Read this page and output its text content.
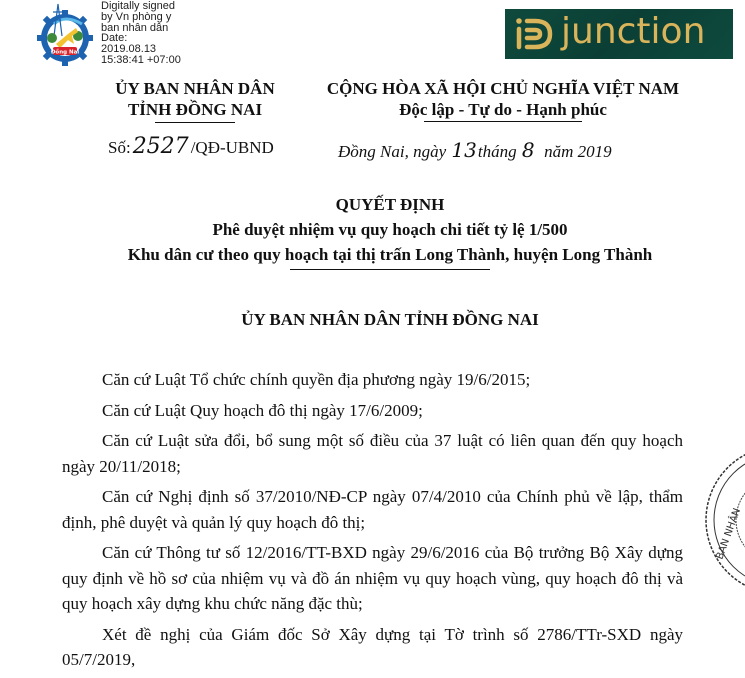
Đồng Nai
Digitally signed
by Vn phòng y
ban nhân dân
Date:
2019.08.13
15:38:41 +07:00
junction
ỦY BAN NHÂN DÂN
TỈNH ĐỒNG NAI
Số: 2527 /QĐ-UBND
CỘNG HÒA XÃ HỘI CHỦ NGHĨA VIỆT NAM
Độc lập - Tự do - Hạnh phúc
Đồng Nai, ngày 13 tháng 8 năm 2019
QUYẾT ĐỊNH
Phê duyệt nhiệm vụ quy hoạch chi tiết tỷ lệ 1/500
Khu dân cư theo quy hoạch tại thị trấn Long Thành, huyện Long Thành
ỦY BAN NHÂN DÂN TỈNH ĐỒNG NAI

Căn cứ Luật Tổ chức chính quyền địa phương ngày 19/6/2015;

Căn cứ Luật Quy hoạch đô thị ngày 17/6/2009;

Căn cứ Luật sửa đổi, bổ sung một số điều của 37 luật có liên quan đến quy hoạch ngày 20/11/2018;

Căn cứ Nghị định số 37/2010/NĐ-CP ngày 07/4/2010 của Chính phủ về lập, thẩm định, phê duyệt và quản lý quy hoạch đô thị;

Căn cứ Thông tư số 12/2016/TT-BXD ngày 29/6/2016 của Bộ trưởng Bộ Xây dựng quy định về hồ sơ của nhiệm vụ và đồ án nhiệm vụ quy hoạch vùng, quy hoạch đô thị và quy hoạch xây dựng khu chức năng đặc thù;

Xét đề nghị của Giám đốc Sở Xây dựng tại Tờ trình số 2786/TTr-SXD ngày 05/7/2019,

BAN NHÂN
